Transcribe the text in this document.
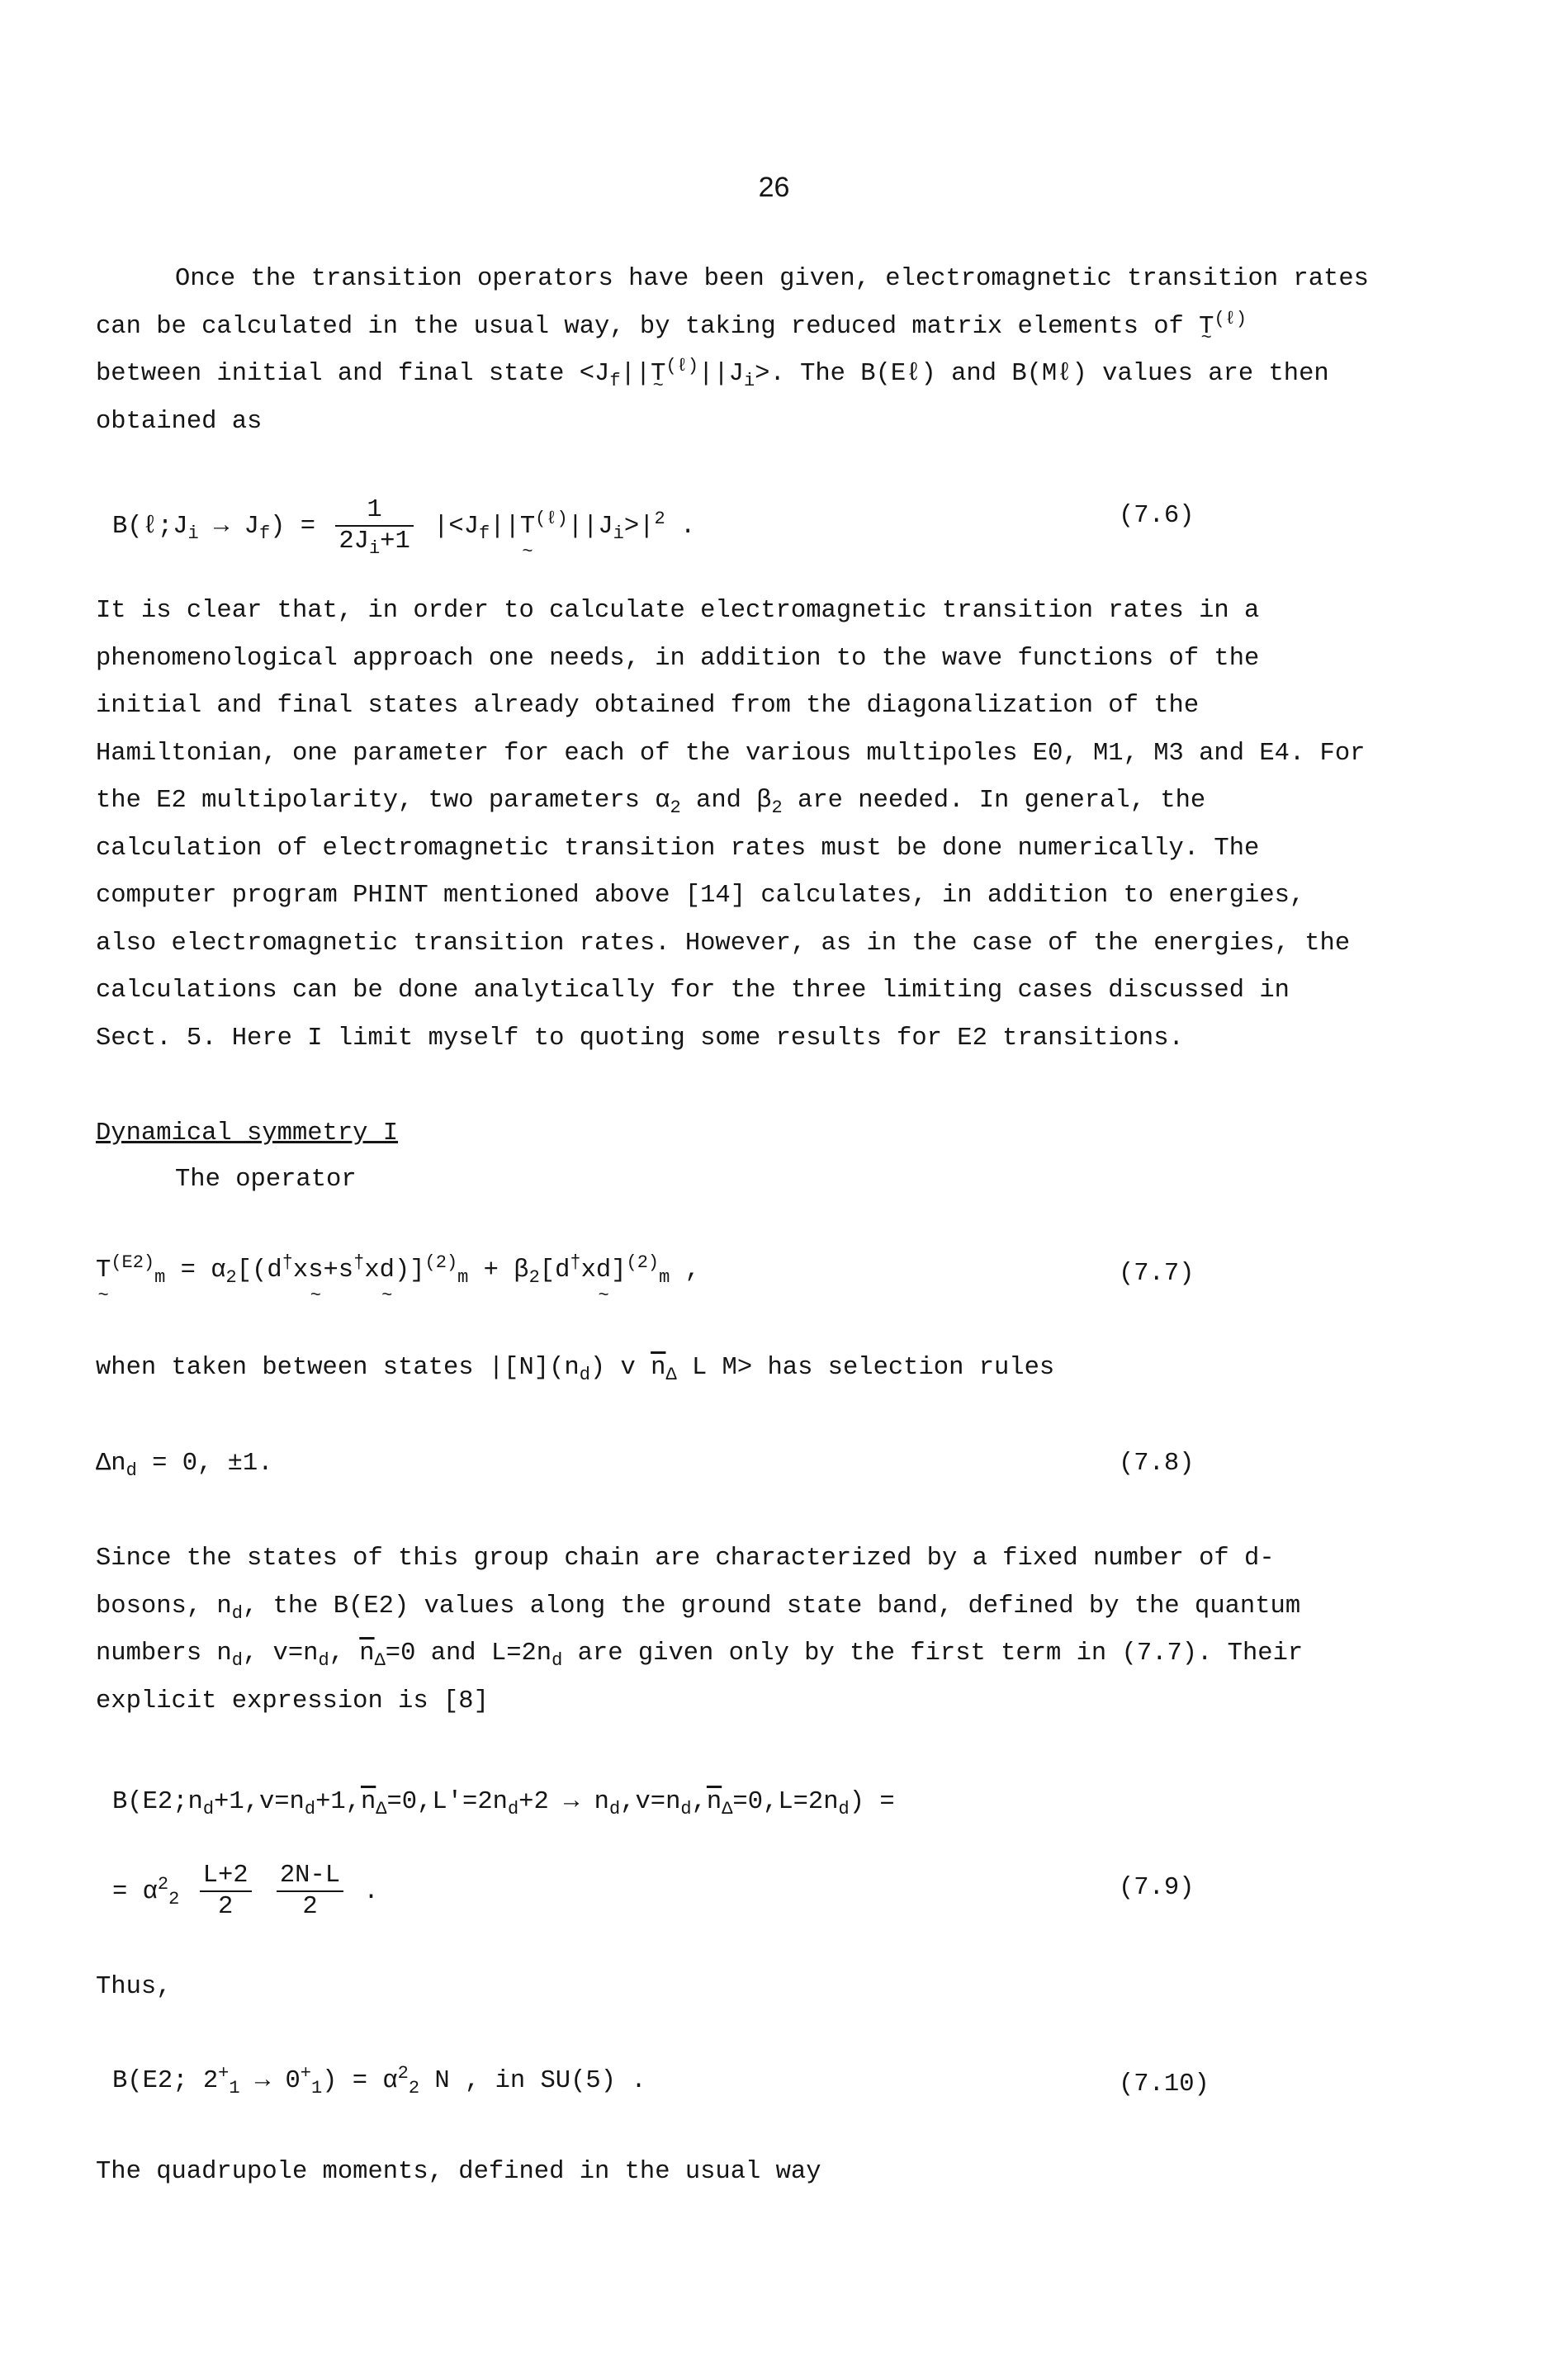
26
Once the transition operators have been given, electromagnetic transition rates
can be calculated in the usual way, by taking reduced matrix elements of T ~$^{(\ell)}$
between initial and final state $<J_f||T$ $\sim^{(\ell)}||J_i>$. The B(Eℓ) and B(Mℓ) values are then
obtained as
$B(\ell;J_i \to J_f) = \frac{1}{2J_i+1} |<J_f||T$ $\sim^{(\ell)}||J_i>|^2$ .	(7.6)
It is clear that, in order to calculate electromagnetic transition rates in a
phenomenological approach one needs, in addition to the wave functions of the
initial and final states already obtained from the diagonalization of the
Hamiltonian, one parameter for each of the various multipoles E0, M1, M3 and E4. For
the E2 multipolarity, two parameters $\alpha_2$ and $\beta_2$ are needed. In general, the
calculation of electromagnetic transition rates must be done numerically. The
computer program PHINT mentioned above [14] calculates, in addition to energies,
also electromagnetic transition rates. However, as in the case of the energies, the
calculations can be done analytically for the three limiting cases discussed in
Sect. 5. Here I limit myself to quoting some results for E2 transitions.
Dynamical symmetry I
The operator
T ~$^{(E2)}_m$ = $\alpha_2[(d^\dagger xs$ ~+s†xd ~)]$^{(2)}_m$ + $\beta_2[d^\dagger xd$ ~]$^{(2)}_m$ ,	(7.7)
when taken between states $|[N](n_d)$ v $\overline{n}_\Delta$ L M> has selection rules
$\Delta n_d = 0$, ±1.	(7.8)
Since the states of this group chain are characterized by a fixed number of d-
bosons, $n_d$, the B(E2) values along the ground state band, defined by the quantum
numbers $n_d$, $v=n_d$, $\overline{n}_\Delta=0$ and $L=2n_d$ are given only by the first term in (7.7). Their
explicit expression is [8]
$B(E2;n_d+1,v=n_d+1,\overline{n}_\Delta=0,L'=2n_d+2 \to n_d,v=n_d,\overline{n}_\Delta=0,L=2n_d)$ =
= $\alpha^2_2 \frac{L+2}{2}$
$\frac{2N-L}{2}$ .	(7.9)
Thus,
B(E2; $2^+_1 \to 0^+_1) = \alpha^2_2$ N , in SU(5) .	(7.10)
The quadrupole moments, defined in the usual way
